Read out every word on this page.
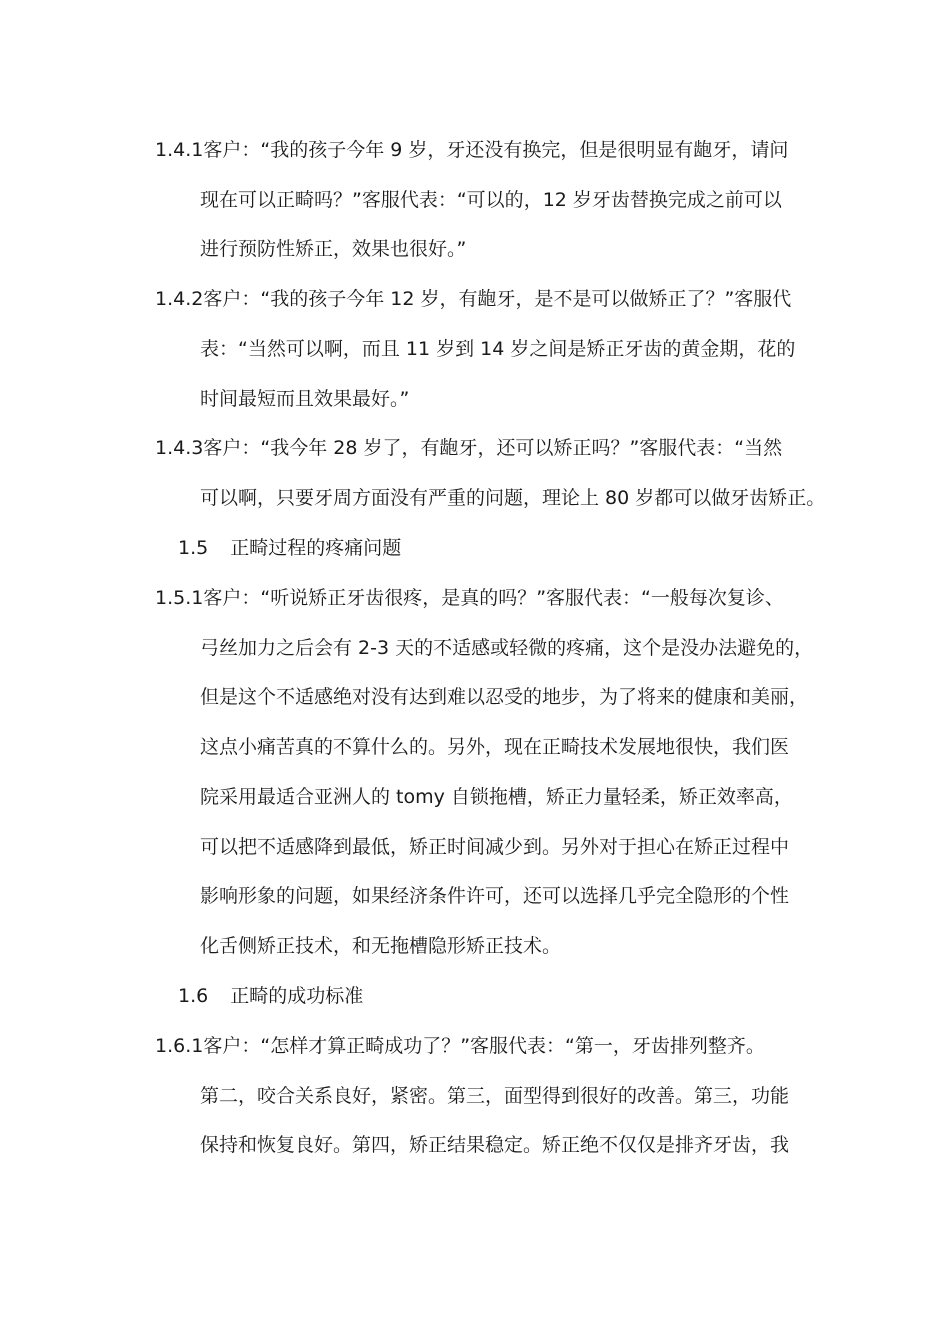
1.4.1客户：“我的孩子今年 9 岁，牙还没有换完，但是很明显有龅牙，请问
现在可以正畸吗？”客服代表：“可以的，12 岁牙齿替换完成之前可以
进行预防性矫正，效果也很好。”
1.4.2客户：“我的孩子今年 12 岁，有龅牙，是不是可以做矫正了？”客服代
表：“当然可以啊，而且 11 岁到 14 岁之间是矫正牙齿的黄金期，花的
时间最短而且效果最好。”
1.4.3客户：“我今年 28 岁了，有龅牙，还可以矫正吗？”客服代表：“当然
可以啊，只要牙周方面没有严重的问题，理论上 80 岁都可以做牙齿矫正。
1.5 正畸过程的疼痛问题
1.5.1客户：“听说矫正牙齿很疼，是真的吗？”客服代表：“一般每次复诊、
弓丝加力之后会有 2-3 天的不适感或轻微的疼痛，这个是没办法避免的，
但是这个不适感绝对没有达到难以忍受的地步，为了将来的健康和美丽，
这点小痛苦真的不算什么的。另外，现在正畸技术发展地很快，我们医
院采用最适合亚洲人的 tomy 自锁拖槽，矫正力量轻柔，矫正效率高，
可以把不适感降到最低，矫正时间减少到。另外对于担心在矫正过程中
影响形象的问题，如果经济条件许可，还可以选择几乎完全隐形的个性
化舌侧矫正技术，和无拖槽隐形矫正技术。
1.6 正畸的成功标准
1.6.1客户：“怎样才算正畸成功了？”客服代表：“第一，牙齿排列整齐。
第二，咬合关系良好，紧密。第三，面型得到很好的改善。第三，功能
保持和恢复良好。第四，矫正结果稳定。矫正绝不仅仅是排齐牙齿，我
